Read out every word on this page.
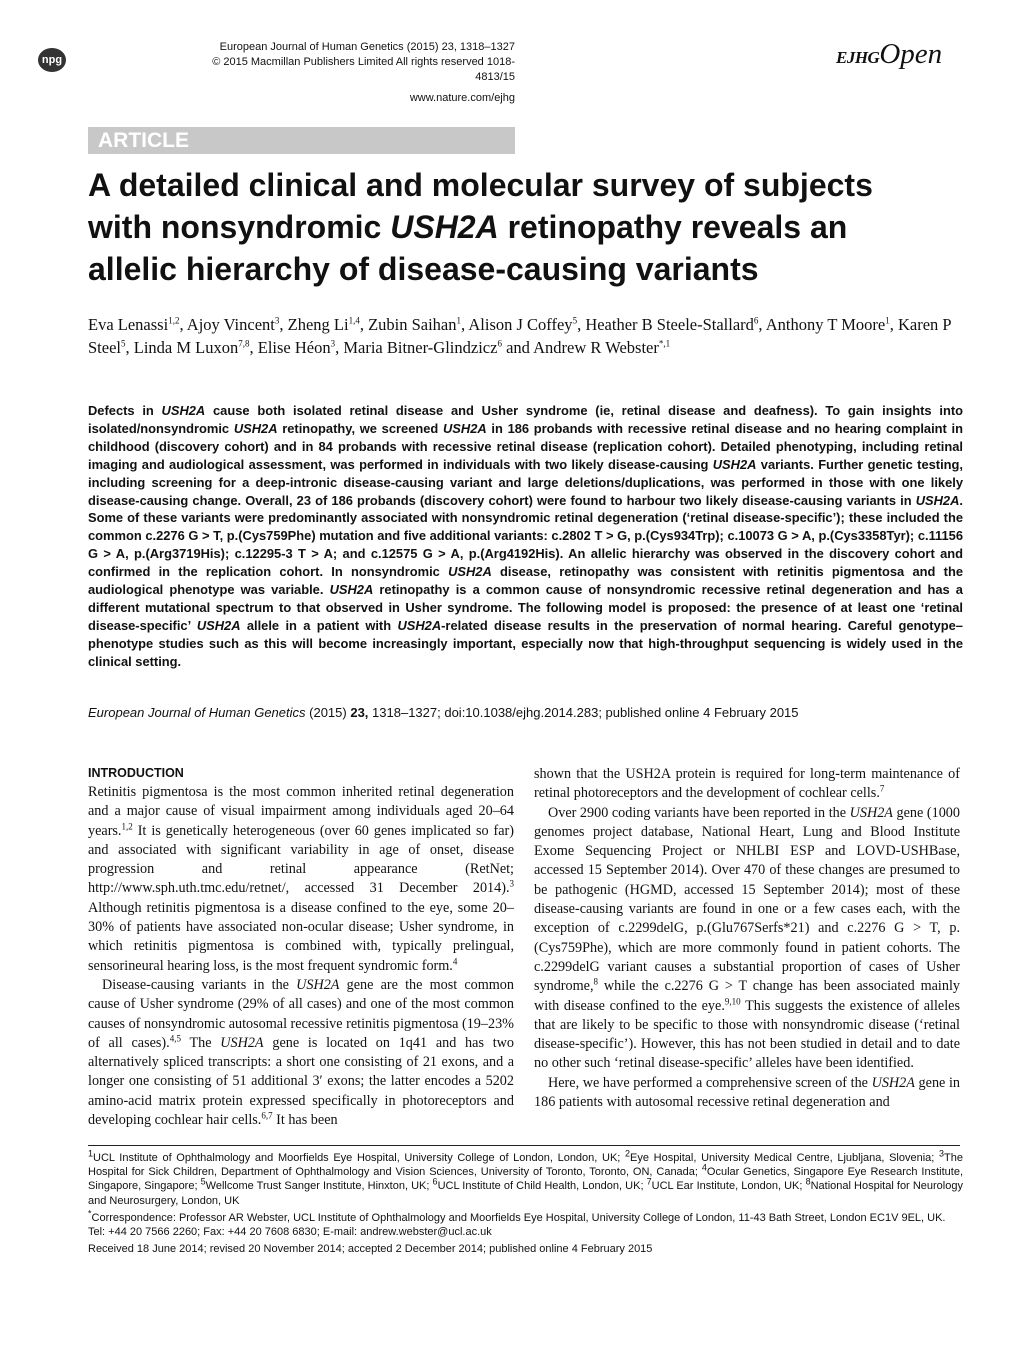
npg
European Journal of Human Genetics (2015) 23, 1318–1327
© 2015 Macmillan Publishers Limited All rights reserved 1018-4813/15
www.nature.com/ejhg
EJHGOpen
ARTICLE
A detailed clinical and molecular survey of subjects
with nonsyndromic USH2A retinopathy reveals an
allelic hierarchy of disease-causing variants
Eva Lenassi$^{1,2}$, Ajoy Vincent$^3$, Zheng Li$^{1,4}$, Zubin Saihan$^1$, Alison J Coffey$^5$, Heather B Steele-Stallard$^6$, Anthony T Moore$^1$, Karen P Steel$^5$, Linda M Luxon$^{7,8}$, Elise Héon$^3$, Maria Bitner-Glindzicz$^6$ and Andrew R Webster$^{*,1}$
Defects in USH2A cause both isolated retinal disease and Usher syndrome (ie, retinal disease and deafness). To gain insights into isolated/nonsyndromic USH2A retinopathy, we screened USH2A in 186 probands with recessive retinal disease and no hearing complaint in childhood (discovery cohort) and in 84 probands with recessive retinal disease (replication cohort). Detailed phenotyping, including retinal imaging and audiological assessment, was performed in individuals with two likely disease-causing USH2A variants. Further genetic testing, including screening for a deep-intronic disease-causing variant and large deletions/duplications, was performed in those with one likely disease-causing change. Overall, 23 of 186 probands (discovery cohort) were found to harbour two likely disease-causing variants in USH2A. Some of these variants were predominantly associated with nonsyndromic retinal degeneration (‘retinal disease-specific’); these included the common c.2276 G > T, p.(Cys759Phe) mutation and five additional variants: c.2802 T > G, p.(Cys934Trp); c.10073 G > A, p.(Cys3358Tyr); c.11156 G > A, p.(Arg3719His); c.12295-3 T > A; and c.12575 G > A, p.(Arg4192His). An allelic hierarchy was observed in the discovery cohort and confirmed in the replication cohort. In nonsyndromic USH2A disease, retinopathy was consistent with retinitis pigmentosa and the audiological phenotype was variable. USH2A retinopathy is a common cause of nonsyndromic recessive retinal degeneration and has a different mutational spectrum to that observed in Usher syndrome. The following model is proposed: the presence of at least one ‘retinal disease-specific’ USH2A allele in a patient with USH2A-related disease results in the preservation of normal hearing. Careful genotype–phenotype studies such as this will become increasingly important, especially now that high-throughput sequencing is widely used in the clinical setting.
European Journal of Human Genetics (2015) 23, 1318–1327; doi:10.1038/ejhg.2014.283; published online 4 February 2015
INTRODUCTION

Retinitis pigmentosa is the most common inherited retinal degeneration and a major cause of visual impairment among individuals aged 20–64 years.$^{1,2}$ It is genetically heterogeneous (over 60 genes implicated so far) and associated with significant variability in age of onset, disease progression and retinal appearance (RetNet; http://www.sph.uth.tmc.edu/retnet/, accessed 31 December 2014).$^3$ Although retinitis pigmentosa is a disease confined to the eye, some 20–30% of patients have associated non-ocular disease; Usher syndrome, in which retinitis pigmentosa is combined with, typically prelingual, sensorineural hearing loss, is the most frequent syndromic form.$^4$

Disease-causing variants in the USH2A gene are the most common cause of Usher syndrome (29% of all cases) and one of the most common causes of nonsyndromic autosomal recessive retinitis pigmentosa (19–23% of all cases).$^{4,5}$ The USH2A gene is located on 1q41 and has two alternatively spliced transcripts: a short one consisting of 21 exons, and a longer one consisting of 51 additional 3′ exons; the latter encodes a 5202 amino-acid matrix protein expressed specifically in photoreceptors and developing cochlear hair cells.$^{6,7}$ It has been

shown that the USH2A protein is required for long-term maintenance of retinal photoreceptors and the development of cochlear cells.$^7$

Over 2900 coding variants have been reported in the USH2A gene (1000 genomes project database, National Heart, Lung and Blood Institute Exome Sequencing Project or NHLBI ESP and LOVD-USHBase, accessed 15 September 2014). Over 470 of these changes are presumed to be pathogenic (HGMD, accessed 15 September 2014); most of these disease-causing variants are found in one or a few cases each, with the exception of c.2299delG, p.(Glu767Serfs*21) and c.2276 G > T, p.(Cys759Phe), which are more commonly found in patient cohorts. The c.2299delG variant causes a substantial proportion of cases of Usher syndrome,$^8$ while the c.2276 G > T change has been associated mainly with disease confined to the eye.$^{9,10}$ This suggests the existence of alleles that are likely to be specific to those with nonsyndromic disease (‘retinal disease-specific’). However, this has not been studied in detail and to date no other such ‘retinal disease-specific’ alleles have been identified.

Here, we have performed a comprehensive screen of the USH2A gene in 186 patients with autosomal recessive retinal degeneration and

$^1$UCL Institute of Ophthalmology and Moorfields Eye Hospital, University College of London, London, UK; $^2$Eye Hospital, University Medical Centre, Ljubljana, Slovenia; $^3$The Hospital for Sick Children, Department of Ophthalmology and Vision Sciences, University of Toronto, Toronto, ON, Canada; $^4$Ocular Genetics, Singapore Eye Research Institute, Singapore, Singapore; $^5$Wellcome Trust Sanger Institute, Hinxton, UK; $^6$UCL Institute of Child Health, London, UK; $^7$UCL Ear Institute, London, UK; $^8$National Hospital for Neurology and Neurosurgery, London, UK

*Correspondence: Professor AR Webster, UCL Institute of Ophthalmology and Moorfields Eye Hospital, University College of London, 11-43 Bath Street, London EC1V 9EL, UK. Tel: +44 20 7566 2260; Fax: +44 20 7608 6830; E-mail: andrew.webster@ucl.ac.uk

Received 18 June 2014; revised 20 November 2014; accepted 2 December 2014; published online 4 February 2015
